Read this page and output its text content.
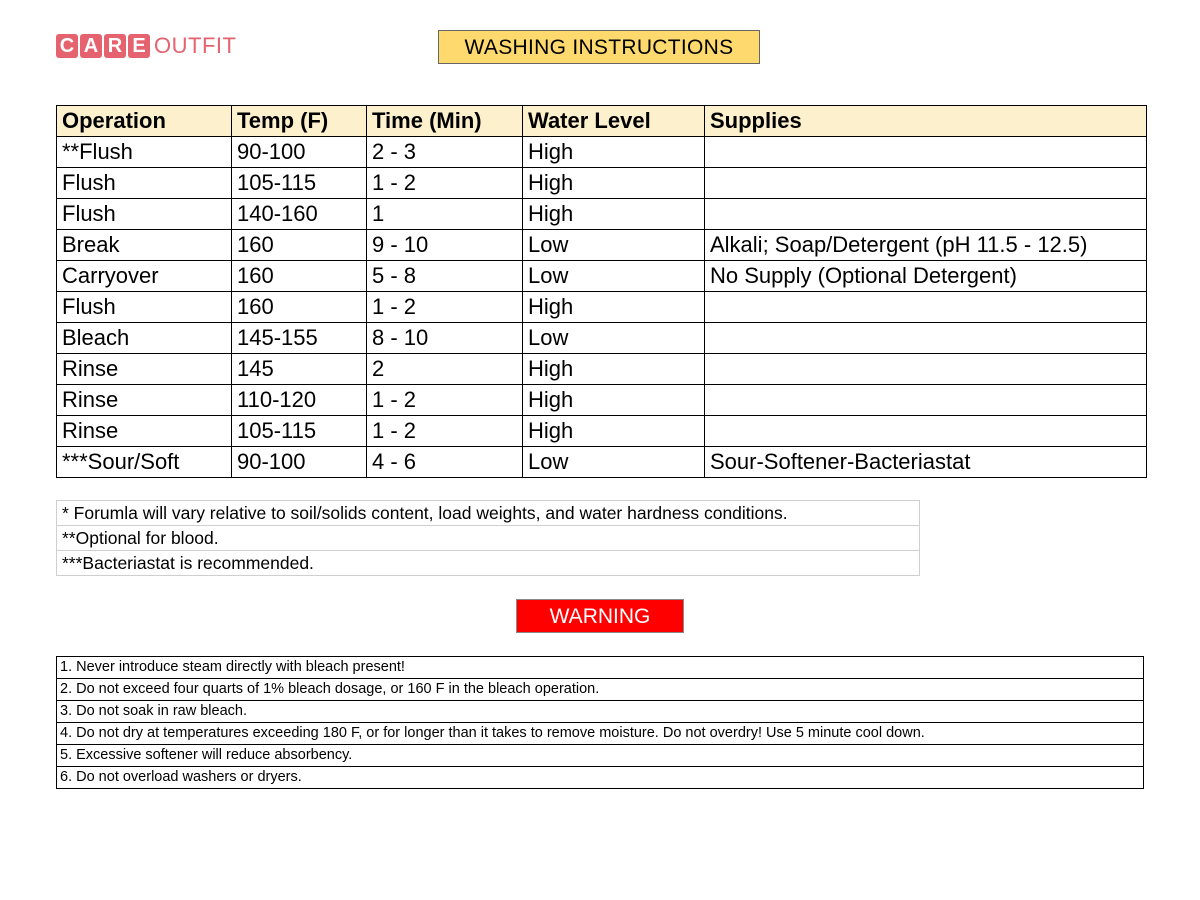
C A R E OUTFIT	WASHING INSTRUCTIONS
Operation	Temp (F)	Time (Min)	Water Level	Supplies
**Flush	90-100	2 - 3	High	
Flush	105-115	1 - 2	High	
Flush	140-160	1	High	
Break	160	9 - 10	Low	Alkali; Soap/Detergent (pH 11.5 - 12.5)
Carryover	160	5 - 8	Low	No Supply (Optional Detergent)
Flush	160	1 - 2	High	
Bleach	145-155	8 - 10	Low	
Rinse	145	2	High	
Rinse	110-120	1 - 2	High	
Rinse	105-115	1 - 2	High	
***Sour/Soft	90-100	4 - 6	Low	Sour-Softener-Bacteriastat
* Forumla will vary relative to soil/solids content, load weights, and water hardness conditions.
**Optional for blood.
***Bacteriastat is recommended.
WARNING
1. Never introduce steam directly with bleach present!
2. Do not exceed four quarts of 1% bleach dosage, or 160 F in the bleach operation.
3. Do not soak in raw bleach.
4. Do not dry at temperatures exceeding 180 F, or for longer than it takes to remove moisture. Do not overdry! Use 5 minute cool down.
5. Excessive softener will reduce absorbency.
6. Do not overload washers or dryers.
